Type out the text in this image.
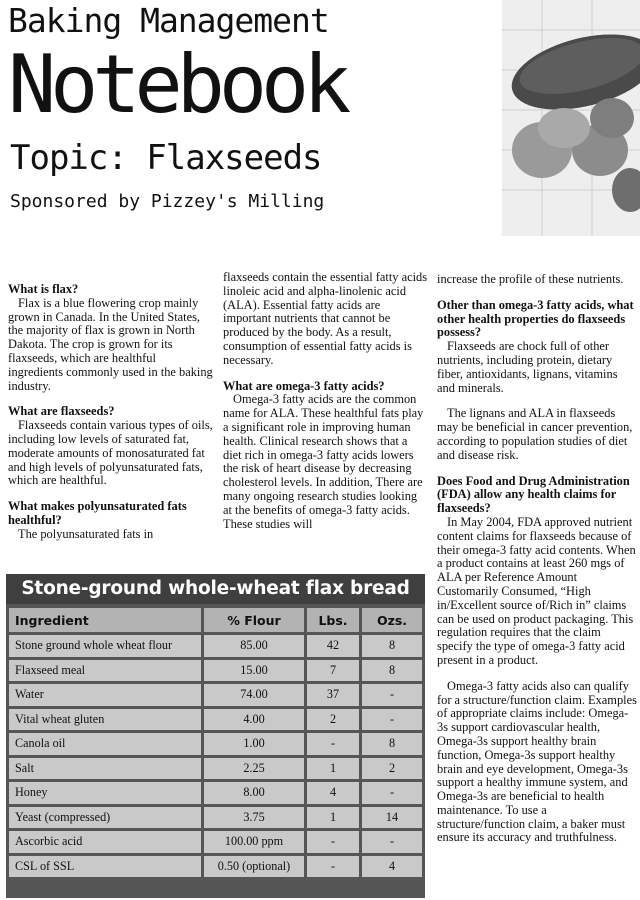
Baking Management
Notebook
Topic: Flaxseeds
Sponsored by Pizzey's Milling

What is flax?
Flax is a blue flowering crop mainly grown in Canada. In the United States, the majority of flax is grown in North Dakota. The crop is grown for its flaxseeds, which are healthful ingredients commonly used in the baking industry.

What are flaxseeds?
Flaxseeds contain various types of oils, including low levels of saturated fat, moderate amounts of monosaturated fat and high levels of polyunsaturated fats, which are healthful.

What makes polyunsaturated fats healthful?
The polyunsaturated fats in

flaxseeds contain the essential fatty acids linoleic acid and alpha-linolenic acid (ALA). Essential fatty acids are important nutrients that cannot be produced by the body. As a result, consumption of essential fatty acids is necessary.

What are omega-3 fatty acids?
Omega-3 fatty acids are the common name for ALA. These healthful fats play a significant role in improving human health. Clinical research shows that a diet rich in omega-3 fatty acids lowers the risk of heart disease by decreasing cholesterol levels. In addition, There are many ongoing research studies looking at the benefits of omega-3 fatty acids. These studies will

increase the profile of these nutrients.

Other than omega-3 fatty acids, what other health properties do flaxseeds possess?
Flaxseeds are chock full of other nutrients, including protein, dietary fiber, antioxidants, lignans, vitamins and minerals.

The lignans and ALA in flaxseeds may be beneficial in cancer prevention, according to population studies of diet and disease risk.

Does Food and Drug Administration (FDA) allow any health claims for flaxseeds?
In May 2004, FDA approved nutrient content claims for flaxseeds because of their omega-3 fatty acid contents. When a product contains at least 260 mgs of ALA per Reference Amount Customarily Consumed, “High in/Excellent source of/Rich in” claims can be used on product packaging. This regulation requires that the claim specify the type of omega-3 fatty acid present in a product.

Omega-3 fatty acids also can qualify for a structure/function claim. Examples of appropriate claims include: Omega-3s support cardiovascular health, Omega-3s support healthy brain function, Omega-3s support healthy brain and eye development, Omega-3s support a healthy immune system, and Omega-3s are beneficial to health maintenance. To use a structure/function claim, a baker must ensure its accuracy and truthfulness.

Stone-ground whole-wheat flax bread
Ingredient	% Flour	Lbs.	Ozs.
Stone ground whole wheat flour	85.00	42	8
Flaxseed meal	15.00	7	8
Water	74.00	37	-
Vital wheat gluten	4.00	2	-
Canola oil	1.00	-	8
Salt	2.25	1	2
Honey	8.00	4	-
Yeast (compressed)	3.75	1	14
Ascorbic acid	100.00 ppm	-	-
CSL of SSL	0.50 (optional)	-	4
